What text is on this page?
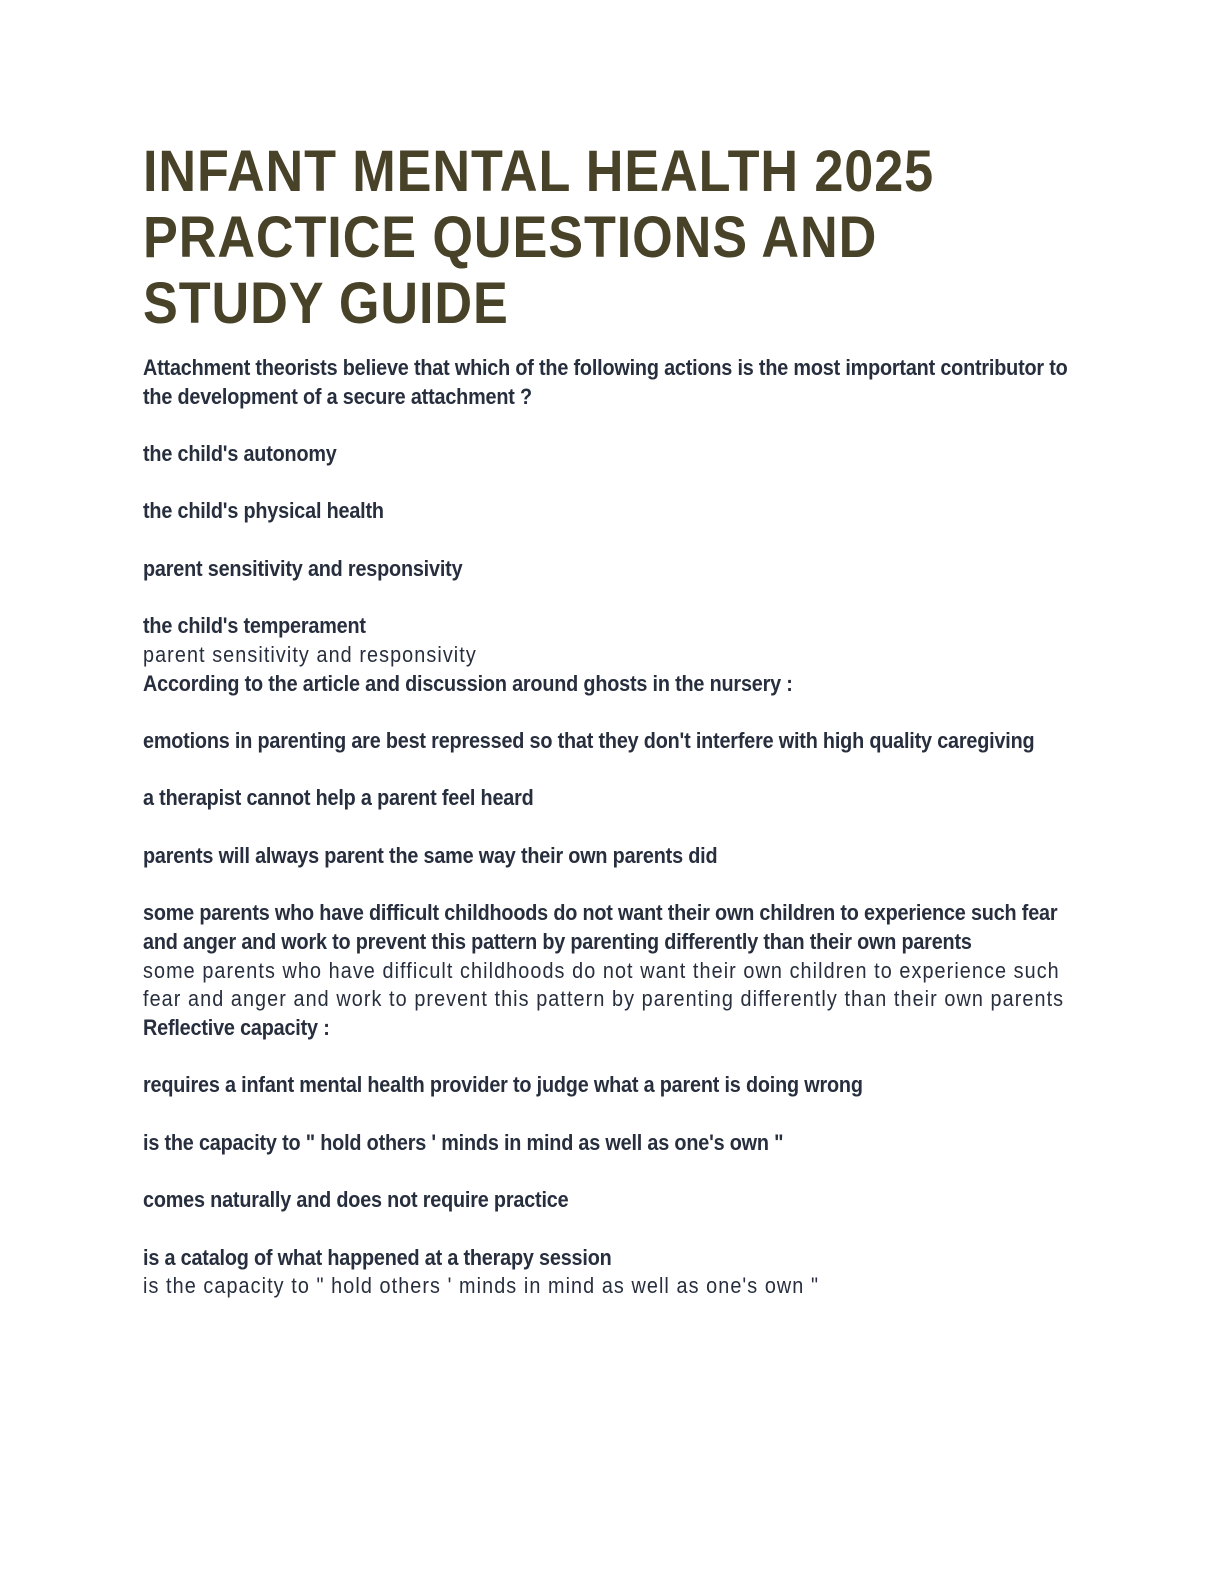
INFANT MENTAL HEALTH 2025
PRACTICE QUESTIONS AND
STUDY GUIDE

Attachment theorists believe that which of the following actions is the most important contributor to the development of a secure attachment ?

the child's autonomy

the child's physical health

parent sensitivity and responsivity

the child's temperament

parent sensitivity and responsivity

According to the article and discussion around ghosts in the nursery :

emotions in parenting are best repressed so that they don't interfere with high quality caregiving

a therapist cannot help a parent feel heard

parents will always parent the same way their own parents did

some parents who have difficult childhoods do not want their own children to experience such fear and anger and work to prevent this pattern by parenting differently than their own parents

some parents who have difficult childhoods do not want their own children to experience such fear and anger and work to prevent this pattern by parenting differently than their own parents

Reflective capacity :

requires a infant mental health provider to judge what a parent is doing wrong

is the capacity to " hold others ' minds in mind as well as one's own "

comes naturally and does not require practice

is a catalog of what happened at a therapy session

is the capacity to " hold others ' minds in mind as well as one's own "
